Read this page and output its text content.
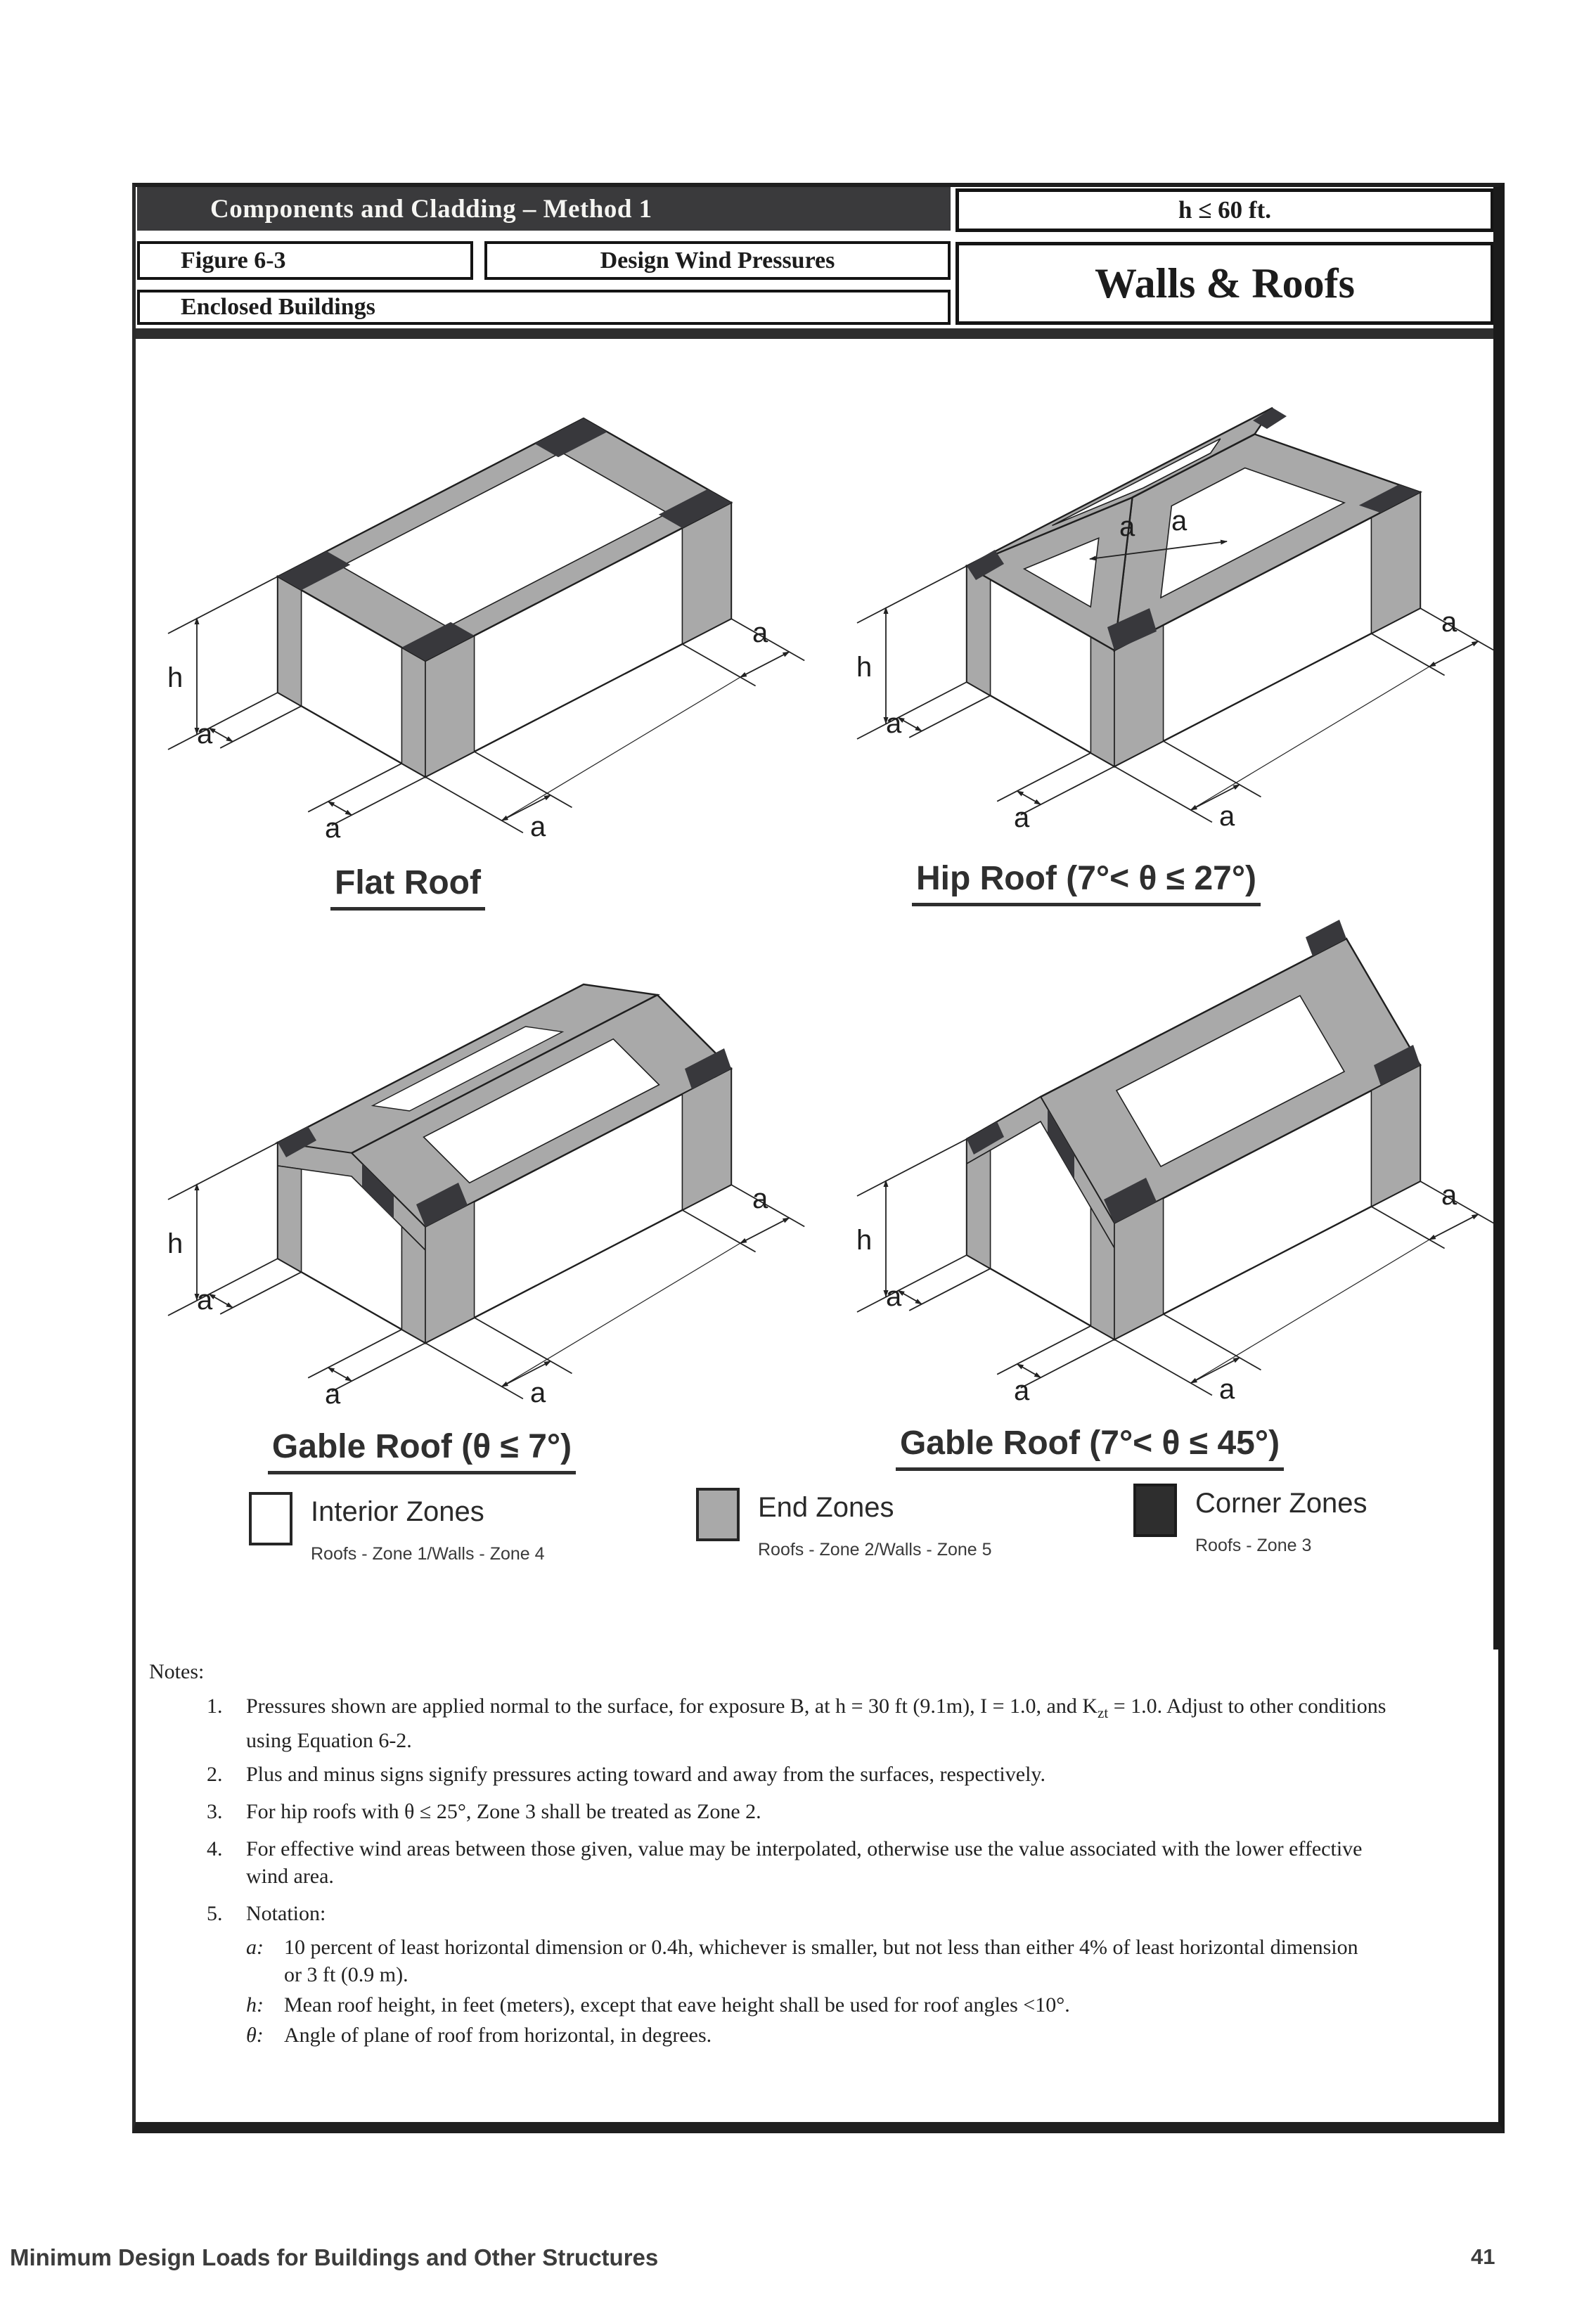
Components and Cladding – Method 1
Figure 6-3	Design Wind Pressures
Enclosed Buildings
h ≤ 60 ft.
Walls & Roofs
h
a
a	a
a
Flat Roof
h
a
a	a
a
a a
Hip Roof (7°< θ ≤ 27°)
h
a
a	a
a
Gable Roof (θ ≤ 7°)
h
a
a	a
a
Gable Roof (7°< θ ≤ 45°)
Interior Zones
Roofs - Zone 1/Walls - Zone 4
End Zones
Roofs - Zone 2/Walls - Zone 5
Corner Zones
Roofs - Zone 3
Notes:
1.	Pressures shown are applied normal to the surface, for exposure B, at h = 30 ft (9.1m), I = 1.0, and $K_{zt} = 1.0$. Adjust to other conditions using Equation 6-2.
2.	Plus and minus signs signify pressures acting toward and away from the surfaces, respectively.
3.	For hip roofs with θ ≤ 25°, Zone 3 shall be treated as Zone 2.
4.	For effective wind areas between those given, value may be interpolated, otherwise use the value associated with the lower effective wind area.
5.	Notation:
a: 10 percent of least horizontal dimension or 0.4h, whichever is smaller, but not less than either 4% of least horizontal dimension or 3 ft (0.9 m).
h: Mean roof height, in feet (meters), except that eave height shall be used for roof angles <10°.
θ: Angle of plane of roof from horizontal, in degrees.
Minimum Design Loads for Buildings and Other Structures	41
